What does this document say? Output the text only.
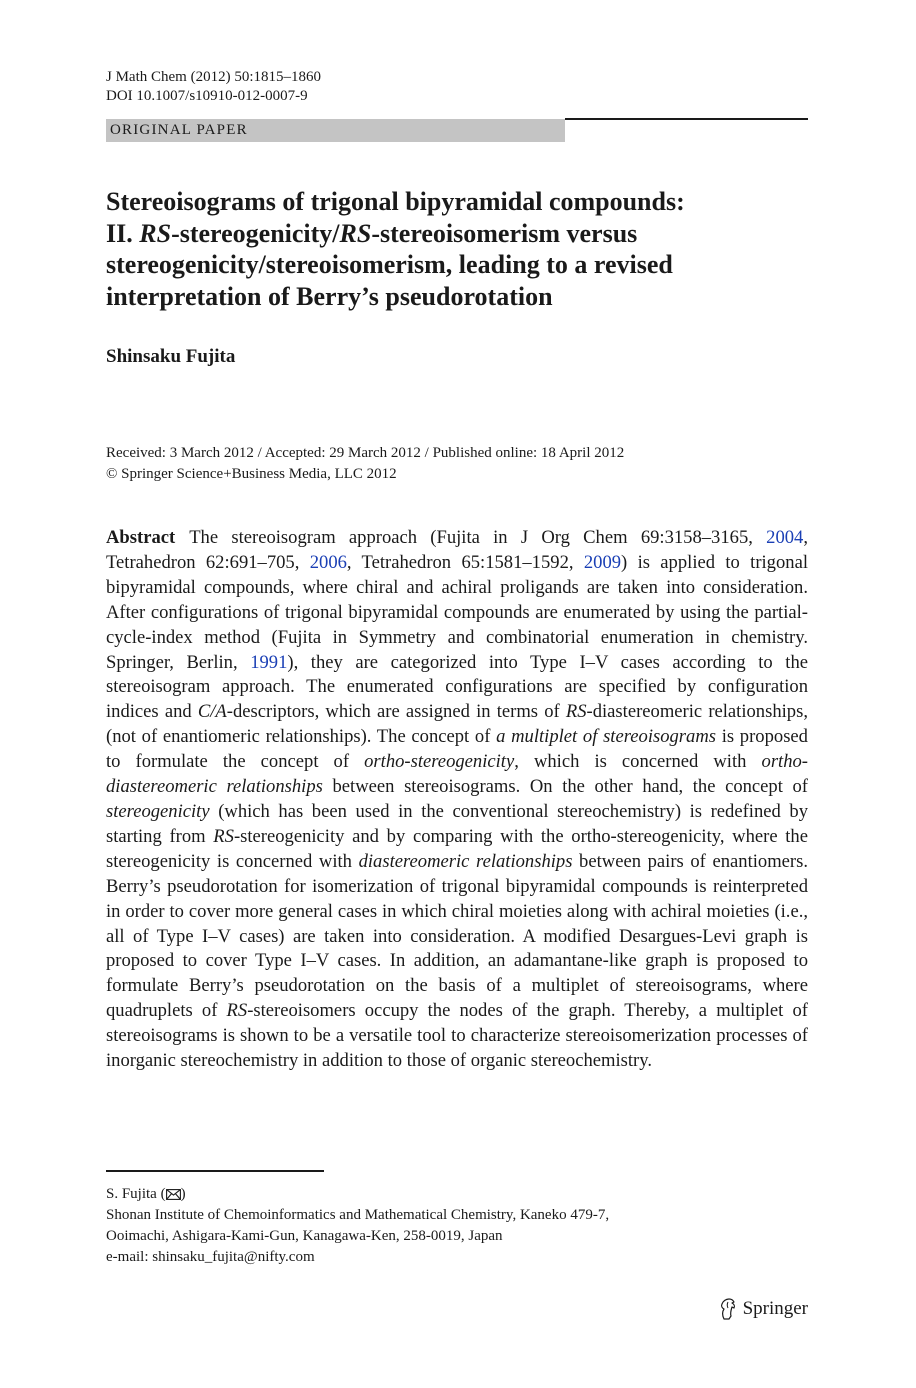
J Math Chem (2012) 50:1815–1860
DOI 10.1007/s10910-012-0007-9
ORIGINAL PAPER
Stereoisograms of trigonal bipyramidal compounds:
II. RS-stereogenicity/RS-stereoisomerism versus
stereogenicity/stereoisomerism, leading to a revised
interpretation of Berry’s pseudorotation
Shinsaku Fujita
Received: 3 March 2012 / Accepted: 29 March 2012 / Published online: 18 April 2012
© Springer Science+Business Media, LLC 2012

Abstract The stereoisogram approach (Fujita in J Org Chem 69:3158–3165, 2004, Tetrahedron 62:691–705, 2006, Tetrahedron 65:1581–1592, 2009) is applied to trigonal bipyramidal compounds, where chiral and achiral proligands are taken into consideration. After configurations of trigonal bipyramidal compounds are enumerated by using the partial-cycle-index method (Fujita in Symmetry and combinatorial enumeration in chemistry. Springer, Berlin, 1991), they are categorized into Type I–V cases according to the stereoisogram approach. The enumerated configurations are specified by configuration indices and C/A-descriptors, which are assigned in terms of RS-diastereomeric relationships, (not of enantiomeric relationships). The concept of a multiplet of stereoisograms is proposed to formulate the concept of ortho-stereogenicity, which is concerned with ortho-diastereomeric relationships between stereoisograms. On the other hand, the concept of stereogenicity (which has been used in the conventional stereochemistry) is redefined by starting from RS-stereogenicity and by comparing with the ortho-stereogenicity, where the stereogenicity is concerned with diastereomeric relationships between pairs of enantiomers. Berry’s pseudorotation for isomerization of trigonal bipyramidal compounds is reinterpreted in order to cover more general cases in which chiral moieties along with achiral moieties (i.e., all of Type I–V cases) are taken into consideration. A modified Desargues-Levi graph is proposed to cover Type I–V cases. In addition, an adamantane-like graph is proposed to formulate Berry’s pseudorotation on the basis of a multiplet of stereoisograms, where quadruplets of RS-stereoisomers occupy the nodes of the graph. Thereby, a multiplet of stereoisograms is shown to be a versatile tool to characterize stereoisomerization processes of inorganic stereochemistry in addition to those of organic stereochemistry.

S. Fujita ( )
Shonan Institute of Chemoinformatics and Mathematical Chemistry, Kaneko 479-7,
Ooimachi, Ashigara-Kami-Gun, Kanagawa-Ken, 258-0019, Japan
e-mail: shinsaku_fujita@nifty.com
Springer
